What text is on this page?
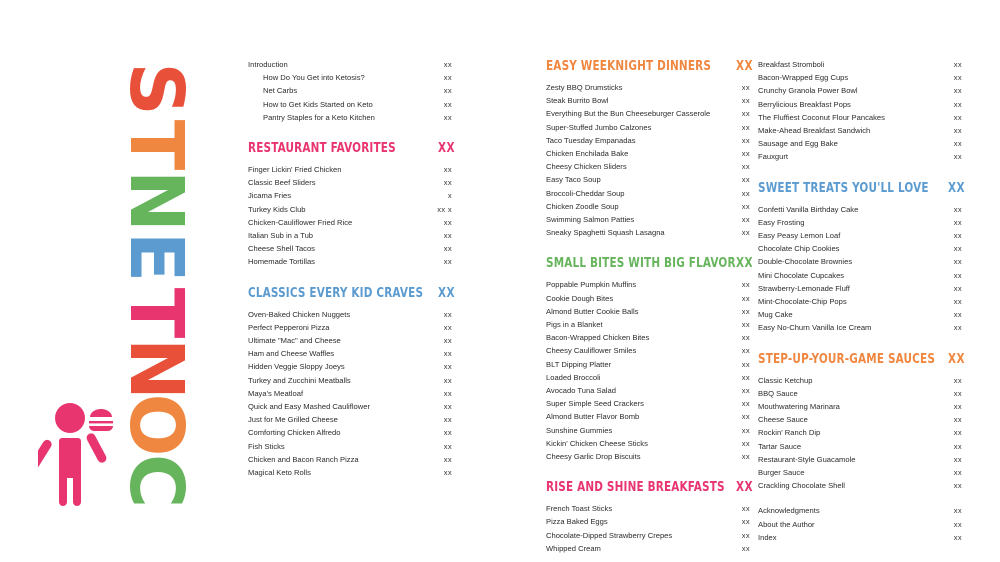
S
T
N
E
T
N
O
C
Introduction	xx
How Do You Get into Ketosis?	xx
Net Carbs	xx
How to Get Kids Started on Keto	xx
Pantry Staples for a Keto Kitchen	xx
RESTAURANT FAVORITES	XX
Finger Lickin' Fried Chicken	xx
Classic Beef Sliders	xx
Jicama Fries	x
Turkey Kids Club	xx x
Chicken-Cauliflower Fried Rice	xx
Italian Sub in a Tub	xx
Cheese Shell Tacos	xx
Homemade Tortillas	xx
CLASSICS EVERY KID CRAVES XX
Oven-Baked Chicken Nuggets	xx
Perfect Pepperoni Pizza	xx
Ultimate "Mac" and Cheese	xx
Ham and Cheese Waffles	xx
Hidden Veggie Sloppy Joeys	xx
Turkey and Zucchini Meatballs	xx
Maya's Meatloaf	xx
Quick and Easy Mashed Cauliflower	xx
Just for Me Grilled Cheese	xx
Comforting Chicken Alfredo	xx
Fish Sticks	xx
Chicken and Bacon Ranch Pizza	xx
Magical Keto Rolls	xx
EASY WEEKNIGHT DINNERS XX
Zesty BBQ Drumsticks	xx
Steak Burrito Bowl	xx
Everything But the Bun Cheeseburger Casserole	xx
Super-Stuffed Jumbo Calzones	xx
Taco Tuesday Empanadas	xx
Chicken Enchilada Bake	xx
Cheesy Chicken Sliders	xx
Easy Taco Soup	xx
Broccoli-Cheddar Soup	xx
Chicken Zoodle Soup	xx
Swimming Salmon Patties	xx
Sneaky Spaghetti Squash Lasagna	xx
SMALL BITES WITH BIG FLAVOR XX
Poppable Pumpkin Muffins	xx
Cookie Dough Bites	xx
Almond Butter Cookie Balls	xx
Pigs in a Blanket	xx
Bacon-Wrapped Chicken Bites	xx
Cheesy Cauliflower Smiles	xx
BLT Dipping Platter	xx
Loaded Broccoli	xx
Avocado Tuna Salad	xx
Super Simple Seed Crackers	xx
Almond Butter Flavor Bomb	xx
Sunshine Gummies	xx
Kickin' Chicken Cheese Sticks	xx
Cheesy Garlic Drop Biscuits	xx
RISE AND SHINE BREAKFASTS XX
French Toast Sticks	xx
Pizza Baked Eggs	xx
Chocolate-Dipped Strawberry Crepes	xx
Whipped Cream	xx
Breakfast Stromboli	xx
Bacon-Wrapped Egg Cups	xx
Crunchy Granola Power Bowl	xx
Berrylicious Breakfast Pops	xx
The Fluffiest Coconut Flour Pancakes	xx
Make-Ahead Breakfast Sandwich	xx
Sausage and Egg Bake	xx
Fauxgurt	xx
SWEET TREATS YOU'LL LOVE XX
Confetti Vanilla Birthday Cake	xx
Easy Frosting	xx
Easy Peasy Lemon Loaf	xx
Chocolate Chip Cookies	xx
Double-Chocolate Brownies	xx
Mini Chocolate Cupcakes	xx
Strawberry-Lemonade Fluff	xx
Mint-Chocolate-Chip Pops	xx
Mug Cake	xx
Easy No-Churn Vanilla Ice Cream	xx
STEP-UP-YOUR-GAME SAUCES XX
Classic Ketchup	xx
BBQ Sauce	xx
Mouthwatering Marinara	xx
Cheese Sauce	xx
Rockin' Ranch Dip	xx
Tartar Sauce	xx
Restaurant-Style Guacamole	xx
Burger Sauce	xx
Crackling Chocolate Shell	xx
Acknowledgments	xx
About the Author	xx
Index	xx
